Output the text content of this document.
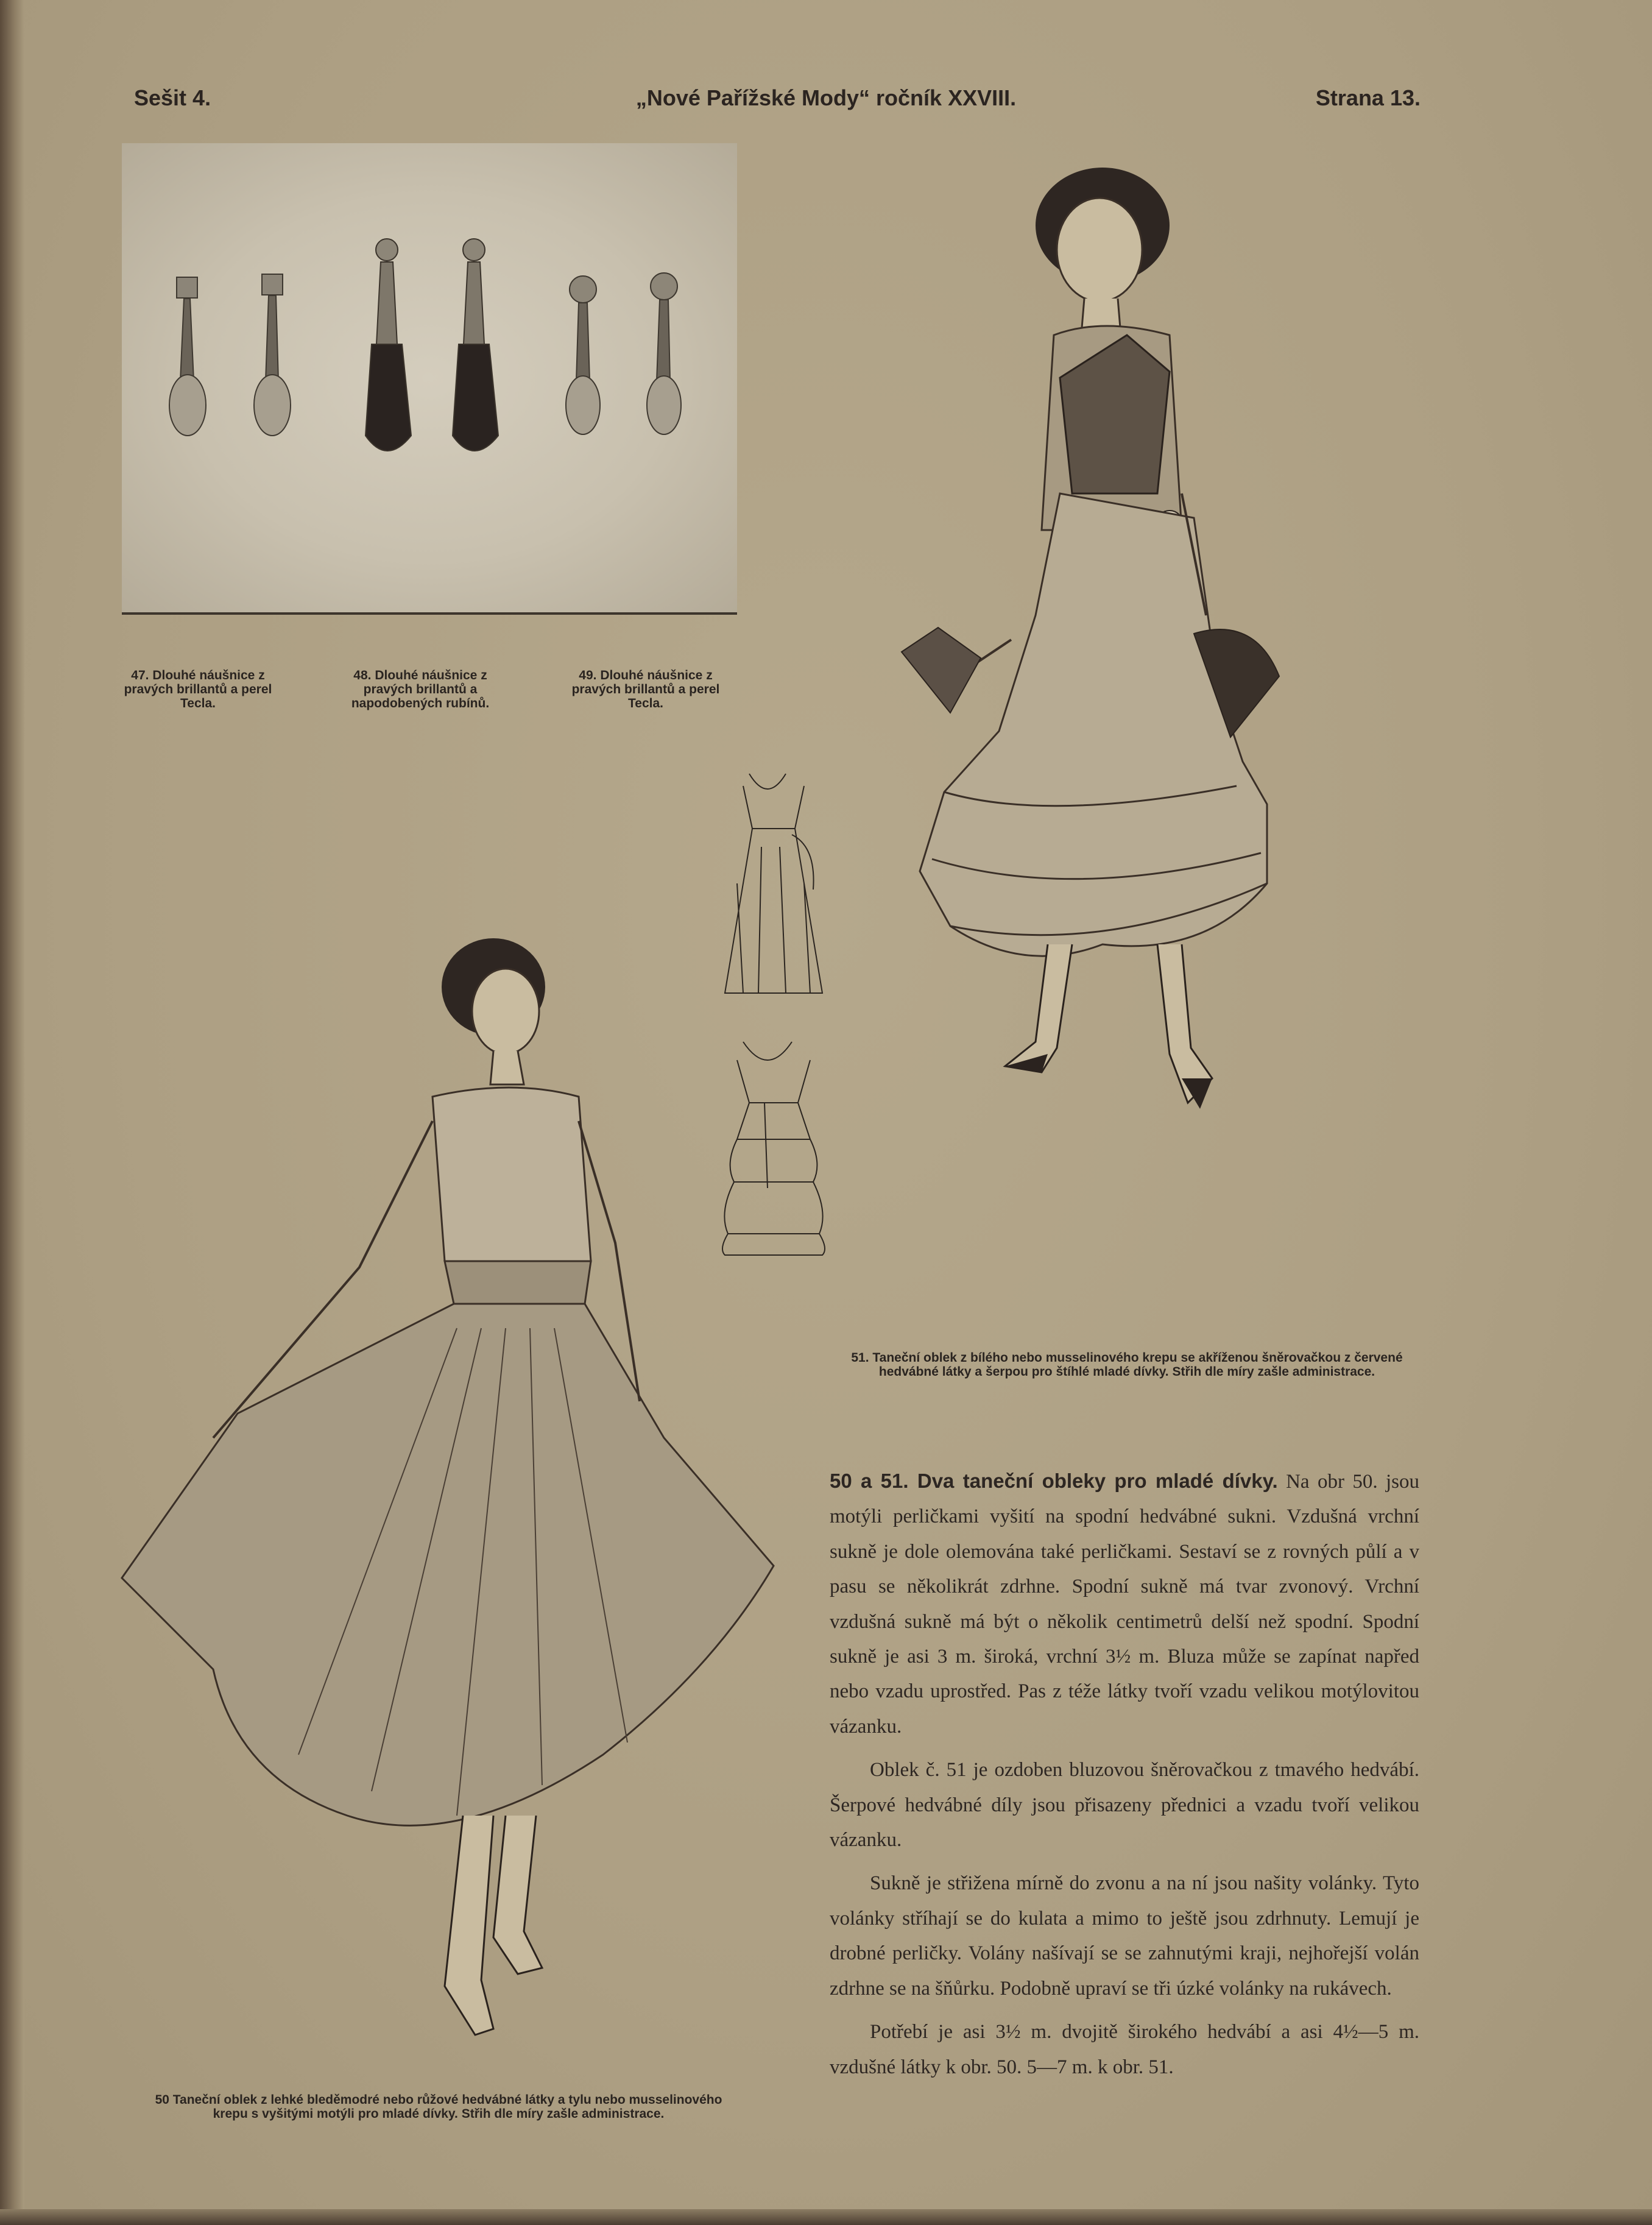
Sešit 4.	„Nové Pařížské Mody“ ročník XXVIII.	Strana 13.
47. Dlouhé náušnice z pravých brillantů a perel Tecla.
48. Dlouhé náušnice z pravých brillantů a napodobených rubínů.
49. Dlouhé náušnice z pravých brillantů a perel Tecla.
51. Taneční oblek z bílého nebo musselinového krepu se akříženou šněrovačkou z červené hedvábné látky a šerpou pro štíhlé mladé dívky. Střih dle míry zašle administrace.
50 Taneční oblek z lehké bleděmodré nebo růžové hedvábné látky a tylu nebo musselinového krepu s vyšitými motýli pro mladé dívky. Střih dle míry zašle administrace.

50 a 51. Dva taneční obleky pro mladé dívky. Na obr 50. jsou motýli perličkami vyšití na spodní hedvábné sukni. Vzdušná vrchní sukně je dole olemována také perličkami. Sestaví se z rovných půlí a v pasu se několikrát zdrhne. Spodní sukně má tvar zvonový. Vrchní vzdušná sukně má být o několik centimetrů delší než spodní. Spodní sukně je asi 3 m. široká, vrchní 3½ m. Bluza může se zapínat napřed nebo vzadu uprostřed. Pas z téže látky tvoří vzadu velikou motýlovitou vázanku.

Oblek č. 51 je ozdoben bluzovou šněrovačkou z tmavého hedvábí. Šerpové hedvábné díly jsou přisazeny přednici a vzadu tvoří velikou vázanku.

Sukně je střižena mírně do zvonu a na ní jsou našity volánky. Tyto volánky stříhají se do kulata a mimo to ještě jsou zdrhnuty. Lemují je drobné perličky. Volány našívají se se zahnutými kraji, nejhořejší volán zdrhne se na šňůrku. Podobně upraví se tři úzké volánky na rukávech.

Potřebí je asi 3½ m. dvojitě širokého hedvábí a asi 4½—5 m. vzdušné látky k obr. 50. 5—7 m. k obr. 51.
